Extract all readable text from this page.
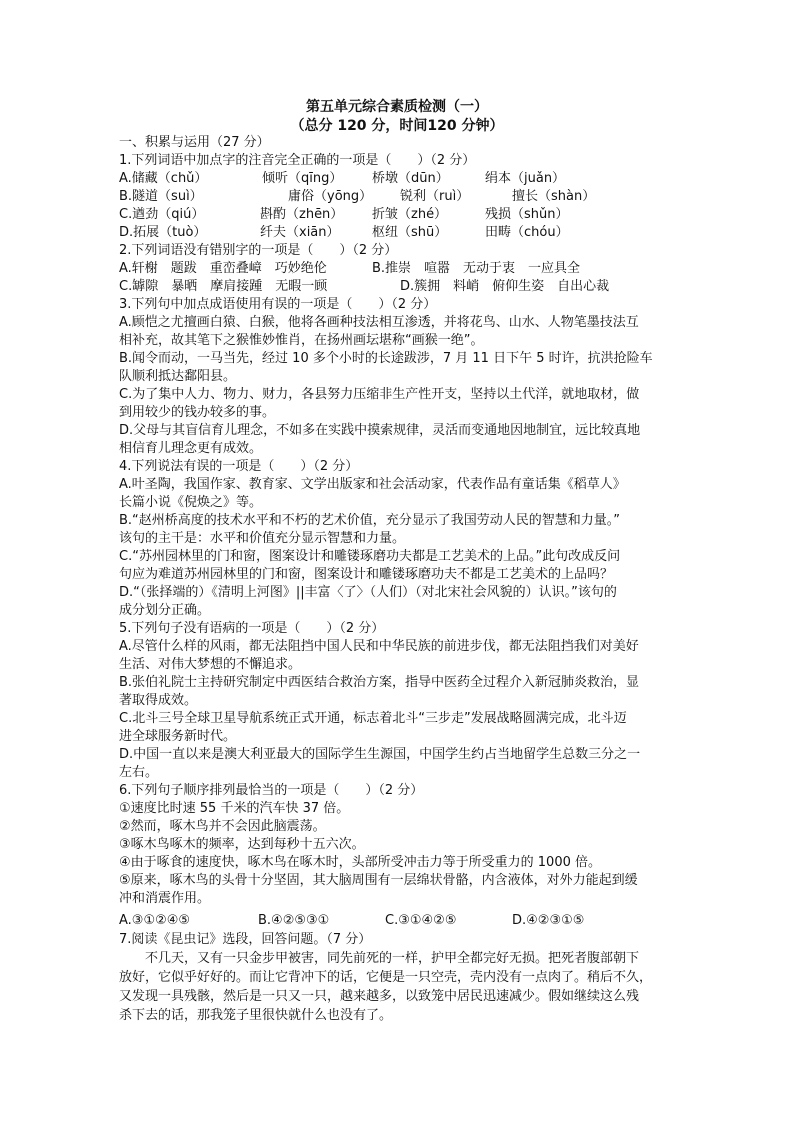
第五单元综合素质检测（一）
（总分 120 分，时间120 分钟）
一、积累与运用（27 分）
1.下列词语中加点字的注音完全正确的一项是（　　）（2 分）
A.储藏（chǔ）	倾听（qīng） 桥墩（dūn）	绢本（juǎn）
B.隧道（suì）	庸俗（yōng） 锐利（ruì）	擅长（shàn）
C.遒劲（qiú）	斟酌（zhēn） 折皱（zhé）	残损（shǔn）
D.拓展（tuò）	纤夫（xiān） 枢纽（shū）	田畴（chóu）
2.下列词语没有错别字的一项是（　　）（2 分）
A.轩榭　题跋　重峦叠嶂　巧妙绝伦	B.推崇　喧嚣　无动于衷　一应具全
C.罅隙　暴晒　摩肩接踵　无暇一顾	D.簇拥　料峭　俯仰生姿　自出心裁
3.下列句中加点成语使用有误的一项是（　　）（2 分）
A.顾恺之尤擅画白猿、白猴，他将各画种技法相互渗透，并将花鸟、山水、人物笔墨技法互
相补充，故其笔下之猴惟妙惟肖，在扬州画坛堪称“画猴一绝”。
B.闻令而动，一马当先，经过 10 多个小时的长途跋涉，7 月 11 日下午 5 时许，抗洪抢险车
队顺利抵达鄱阳县。
C.为了集中人力、物力、财力，各县努力压缩非生产性开支，坚持以土代洋，就地取材，做
到用较少的钱办较多的事。
D.父母与其盲信育儿理念，不如多在实践中摸索规律，灵活而变通地因地制宜，远比较真地
相信育儿理念更有成效。
4.下列说法有误的一项是（　　）（2 分）
A.叶圣陶，我国作家、教育家、文学出版家和社会活动家，代表作品有童话集《稻草人》
长篇小说《倪焕之》等。
B.“赵州桥高度的技术水平和不朽的艺术价值，充分显示了我国劳动人民的智慧和力量。”
该句的主干是：水平和价值充分显示智慧和力量。
C.“苏州园林里的门和窗，图案设计和雕镂琢磨功夫都是工艺美术的上品。”此句改成反问
句应为难道苏州园林里的门和窗，图案设计和雕镂琢磨功夫不都是工艺美术的上品吗？
D.“（张择端的）《清明上河图》||丰富〈了〉（人们）（对北宋社会风貌的）认识。”该句的
成分划分正确。
5.下列句子没有语病的一项是（　　）（2 分）
A.尽管什么样的风雨，都无法阻挡中国人民和中华民族的前进步伐，都无法阻挡我们对美好
生活、对伟大梦想的不懈追求。
B.张伯礼院士主持研究制定中西医结合救治方案，指导中医药全过程介入新冠肺炎救治，显
著取得成效。
C.北斗三号全球卫星导航系统正式开通，标志着北斗“三步走”发展战略圆满完成，北斗迈
进全球服务新时代。
D.中国一直以来是澳大利亚最大的国际学生生源国，中国学生约占当地留学生总数三分之一
左右。
6.下列句子顺序排列最恰当的一项是（　　）（2 分）
①速度比时速 55 千米的汽车快 37 倍。
②然而，啄木鸟并不会因此脑震荡。
③啄木鸟啄木的频率，达到每秒十五六次。
④由于啄食的速度快，啄木鸟在啄木时，头部所受冲击力等于所受重力的 1000 倍。
⑤原来，啄木鸟的头骨十分坚固，其大脑周围有一层绵状骨骼，内含液体，对外力能起到缓
冲和消震作用。
A.③①②④⑤	B.④②⑤③①	C.③①④②⑤	D.④②③①⑤
7.阅读《昆虫记》选段，回答问题。（7 分）
不几天，又有一只金步甲被害，同先前死的一样，护甲全都完好无损。把死者腹部朝下
放好，它似乎好好的。而让它背冲下的话，它便是一只空壳，壳内没有一点肉了。稍后不久，
又发现一具残骸，然后是一只又一只，越来越多，以致笼中居民迅速减少。假如继续这么残
杀下去的话，那我笼子里很快就什么也没有了。
